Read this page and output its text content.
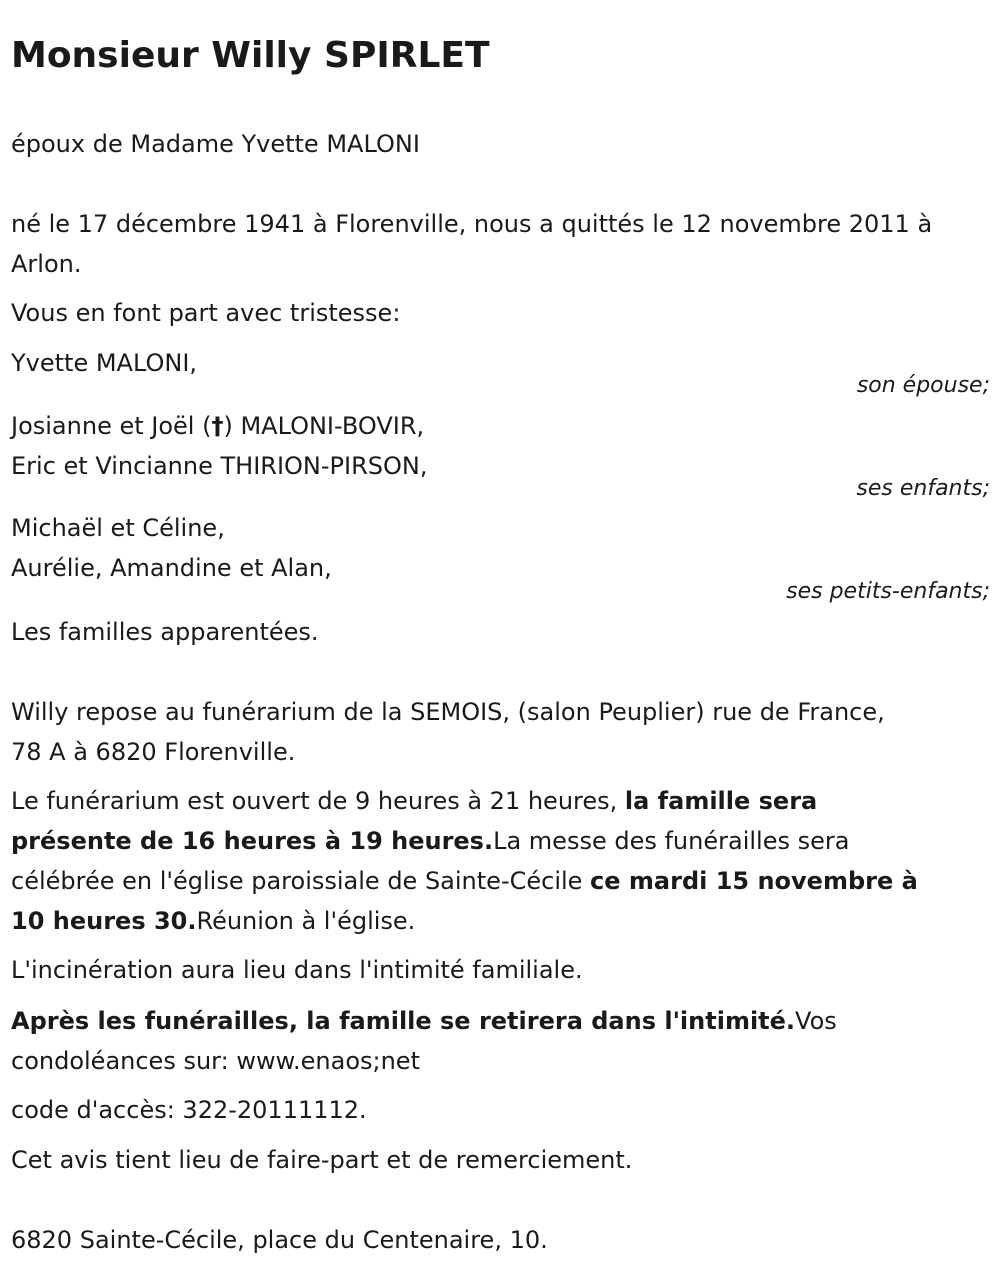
Monsieur Willy SPIRLET

époux de Madame Yvette MALONI

né le 17 décembre 1941 à Florenville, nous a quittés le 12 novembre 2011 à

Arlon.

Vous en font part avec tristesse:

Yvette MALONI,

son épouse;

Josianne et Joël (†) MALONI-BOVIR,

Eric et Vincianne THIRION-PIRSON,

ses enfants;

Michaël et Céline,

Aurélie, Amandine et Alan,

ses petits-enfants;

Les familles apparentées.

Willy repose au funérarium de la SEMOIS, (salon Peuplier) rue de France,

78 A à 6820 Florenville.

Le funérarium est ouvert de 9 heures à 21 heures, la famille sera

présente de 16 heures à 19 heures.La messe des funérailles sera

célébrée en l'église paroissiale de Sainte-Cécile ce mardi 15 novembre à

10 heures 30.Réunion à l'église.

L'incinération aura lieu dans l'intimité familiale.

Après les funérailles, la famille se retirera dans l'intimité.Vos

condoléances sur: www.enaos;net

code d'accès: 322-20111112.

Cet avis tient lieu de faire-part et de remerciement.

6820 Sainte-Cécile, place du Centenaire, 10.
